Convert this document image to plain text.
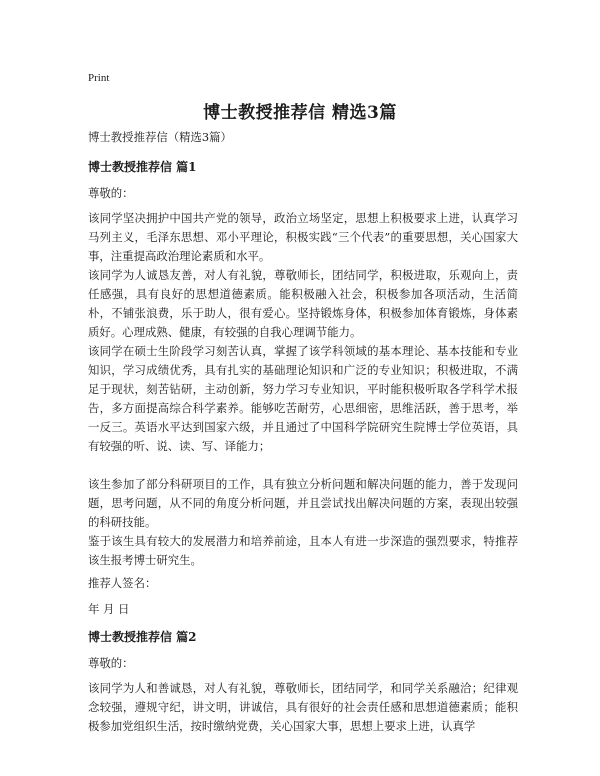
Print
博士教授推荐信 精选3篇
博士教授推荐信（精选3篇）
博士教授推荐信 篇1
尊敬的：
该同学坚决拥护中国共产党的领导，政治立场坚定，思想上积极要求上进，认真学习马列主义，毛泽东思想、邓小平理论，积极实践“三个代表”的重要思想，关心国家大事，注重提高政治理论素质和水平。
该同学为人诚恳友善，对人有礼貌，尊敬师长，团结同学，积极进取，乐观向上，责任感强，具有良好的思想道德素质。能积极融入社会，积极参加各项活动，生活简朴，不铺张浪费，乐于助人，很有爱心。坚持锻炼身体，积极参加体育锻炼，身体素质好。心理成熟、健康，有较强的自我心理调节能力。
该同学在硕士生阶段学习刻苦认真，掌握了该学科领域的基本理论、基本技能和专业知识，学习成绩优秀，具有扎实的基础理论知识和广泛的专业知识；积极进取，不满足于现状，刻苦钻研，主动创新，努力学习专业知识，平时能积极听取各学科学术报告，多方面提高综合科学素养。能够吃苦耐劳，心思细密，思维活跃，善于思考，举一反三。英语水平达到国家六级，并且通过了中国科学院研究生院博士学位英语，具有较强的听、说、读、写、译能力；
该生参加了部分科研项目的工作，具有独立分析问题和解决问题的能力，善于发现问题，思考问题，从不同的角度分析问题，并且尝试找出解决问题的方案，表现出较强的科研技能。
鉴于该生具有较大的发展潜力和培养前途，且本人有进一步深造的强烈要求，特推荐该生报考博士研究生。
推荐人签名：
年 月 日
博士教授推荐信 篇2
尊敬的：
该同学为人和善诚恳，对人有礼貌，尊敬师长，团结同学，和同学关系融洽；纪律观念较强，遵规守纪，讲文明，讲诚信，具有很好的社会责任感和思想道德素质；能积极参加党组织生活，按时缴纳党费，关心国家大事，思想上要求上进，认真学
